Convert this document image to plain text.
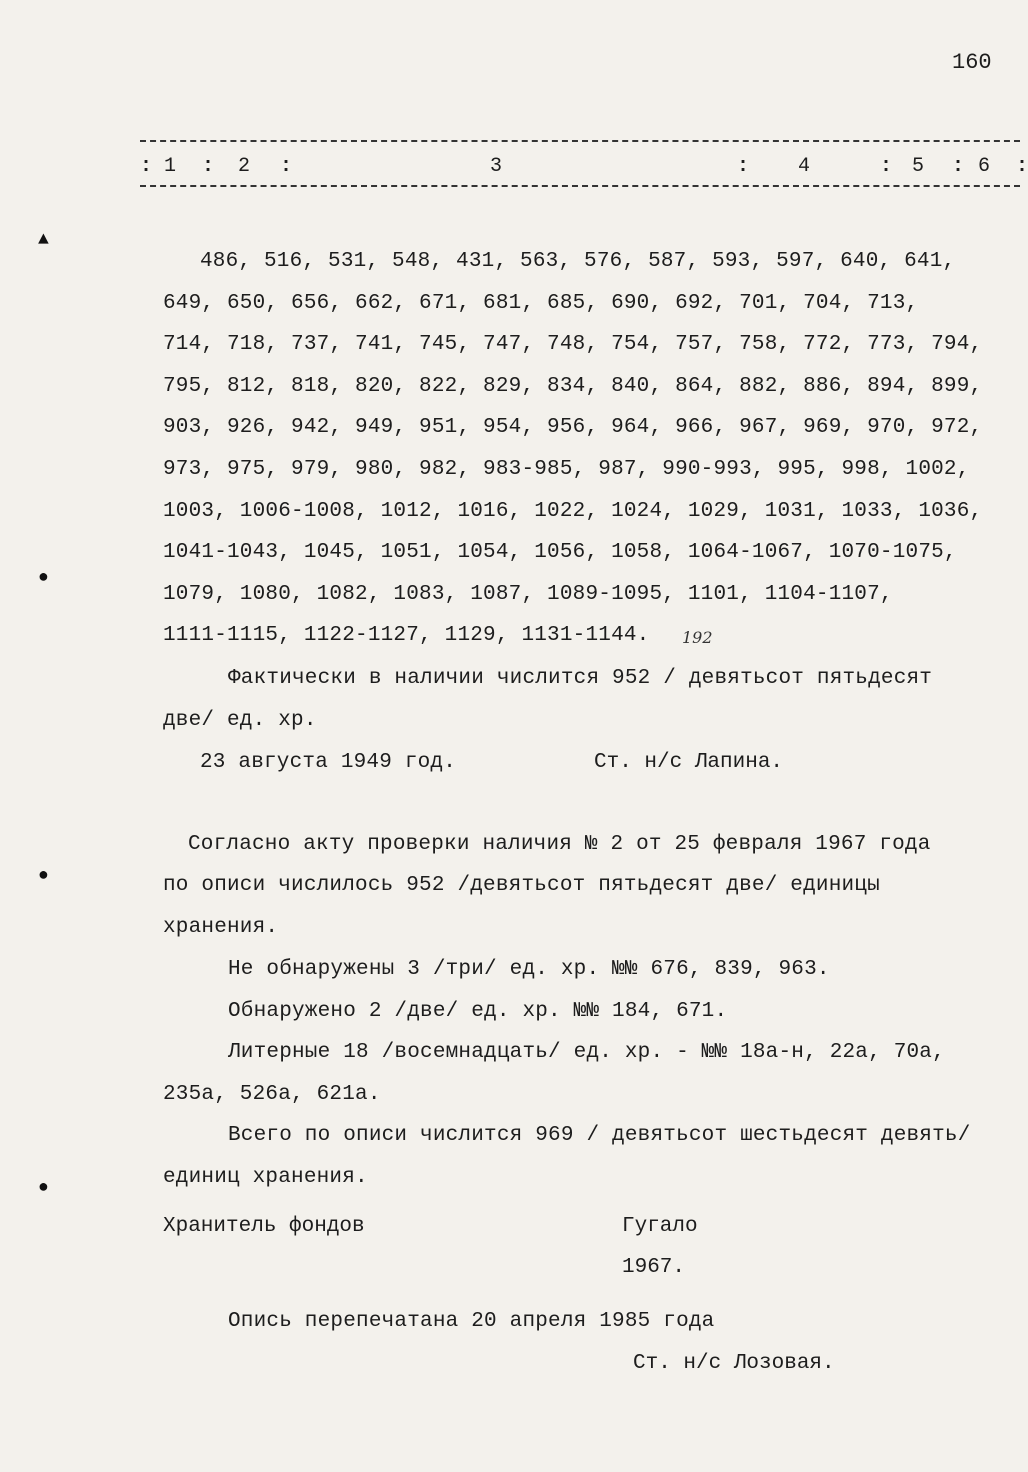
160
: 1 : 2 :	3	: 4	: 5 : 6 :
▲
●
●
●
486, 516, 531, 548, 431, 563, 576, 587, 593, 597, 640, 641,
649, 650, 656, 662, 671, 681, 685, 690, 692, 701, 704, 713,
714, 718, 737, 741, 745, 747, 748, 754, 757, 758, 772, 773, 794,
795, 812, 818, 820, 822, 829, 834, 840, 864, 882, 886, 894, 899,
903, 926, 942, 949, 951, 954, 956, 964, 966, 967, 969, 970, 972,
973, 975, 979, 980, 982, 983-985, 987, 990-993, 995, 998, 1002,
1003, 1006-1008, 1012, 1016, 1022, 1024, 1029, 1031, 1033, 1036,
1041-1043, 1045, 1051, 1054, 1056, 1058, 1064-1067, 1070-1075,
1079, 1080, 1082, 1083, 1087, 1089-1095, 1101, 1104-1107,
1111-1115, 1122-1127, 1129, 1131-1144. 192
Фактически в наличии числится 952 / девятьсот пятьдесят
две/ ед. хр.
23 августа 1949 год.	Ст. н/с Лапина.
Согласно акту проверки наличия № 2 от 25 февраля 1967 года
по описи числилось 952 /девятьсот пятьдесят две/ единицы
хранения.
Не обнаружены 3 /три/ ед. хр. №№ 676, 839, 963.
Обнаружено 2 /две/ ед. хр. №№ 184, 671.
Литерные 18 /восемнадцать/ ед. хр. - №№ 18а-н, 22а, 70а,
235а, 526а, 621а.
Всего по описи числится 969 / девятьсот шестьдесят девять/
единиц хранения.
Хранитель фондов	Гугало
1967.
Опись перепечатана 20 апреля 1985 года
Ст. н/с Лозовая.
